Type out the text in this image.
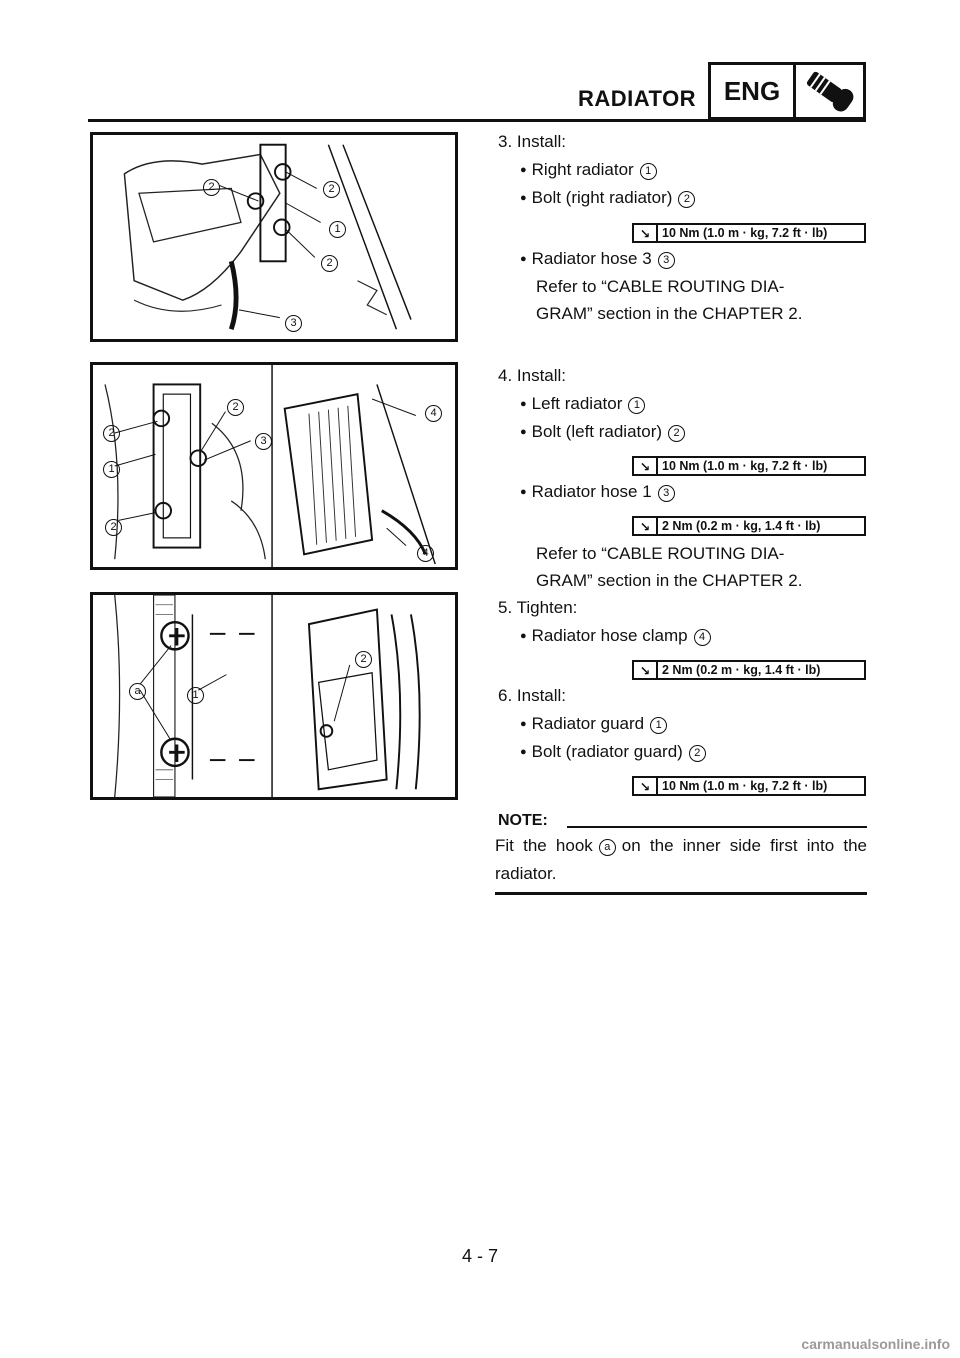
RADIATOR	ENG
2	2
1
2
3
2
2
1
2
3
4
4
a	1
2
3. Install:
● Right radiator 1
● Bolt (right radiator) 2
↘ 10 Nm (1.0 m · kg, 7.2 ft · lb)
● Radiator hose 3 3
Refer to “CABLE ROUTING DIA-
GRAM” section in the CHAPTER 2.
4. Install:
● Left radiator 1
● Bolt (left radiator) 2
↘ 10 Nm (1.0 m · kg, 7.2 ft · lb)
● Radiator hose 1 3
↘ 2 Nm (0.2 m · kg, 1.4 ft · lb)
Refer to “CABLE ROUTING DIA-
GRAM” section in the CHAPTER 2.
5. Tighten:
● Radiator hose clamp 4
↘ 2 Nm (0.2 m · kg, 1.4 ft · lb)
6. Install:
● Radiator guard 1
● Bolt (radiator guard) 2
↘ 10 Nm (1.0 m · kg, 7.2 ft · lb)
NOTE:
Fit the hook a on the inner side first into the radiator.
4 - 7
carmanualsonline.info
